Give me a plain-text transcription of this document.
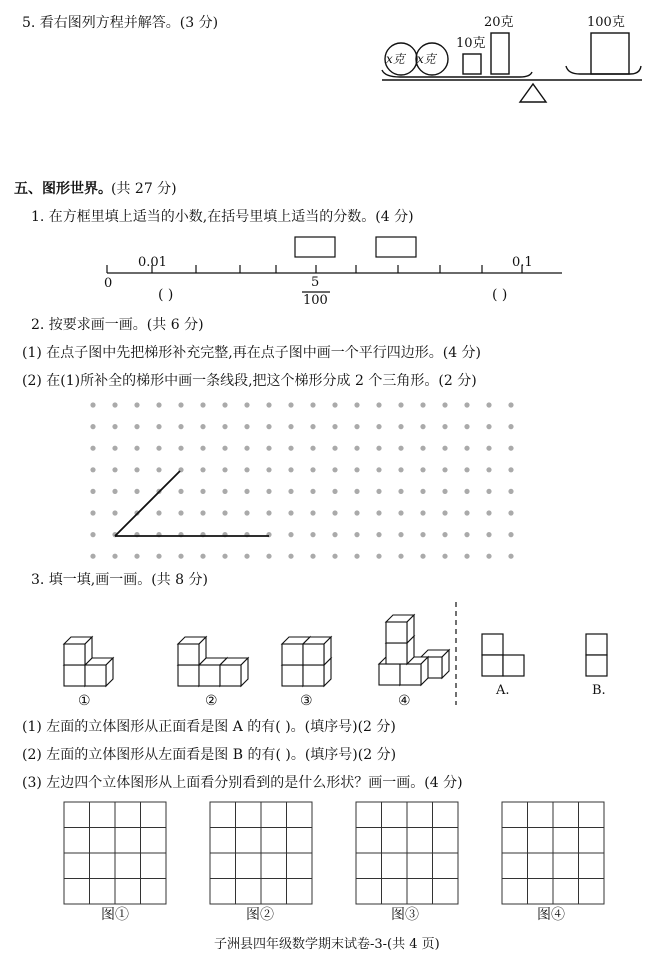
5. 看右图列方程并解答。(3 分)
x克 x克
10克
20克	100克
五、图形世界。 (共 27 分)
1. 在方框里填上适当的小数,在括号里填上适当的分数。(4 分)
0.01	0.1
0	5
100
( )	( )
2. 按要求画一画。(共 6 分)
(1) 在点子图中先把梯形补充完整,再在点子图中画一个平行四边形。(4 分)
(2) 在(1)所补全的梯形中画一条线段,把这个梯形分成 2 个三角形。(2 分)
3. 填一填,画一画。(共 8 分)
①	②	③	④
A.	B.
(1) 左面的立体图形从正面看是图 A 的有( )。(填序号)(2 分)
(2) 左面的立体图形从左面看是图 B 的有( )。(填序号)(2 分)
(3) 左边四个立体图形从上面看分别看到的是什么形状？画一画。(4 分)
图①	图②	图③	图④
子洲县四年级数学期末试卷-3-(共 4 页)
